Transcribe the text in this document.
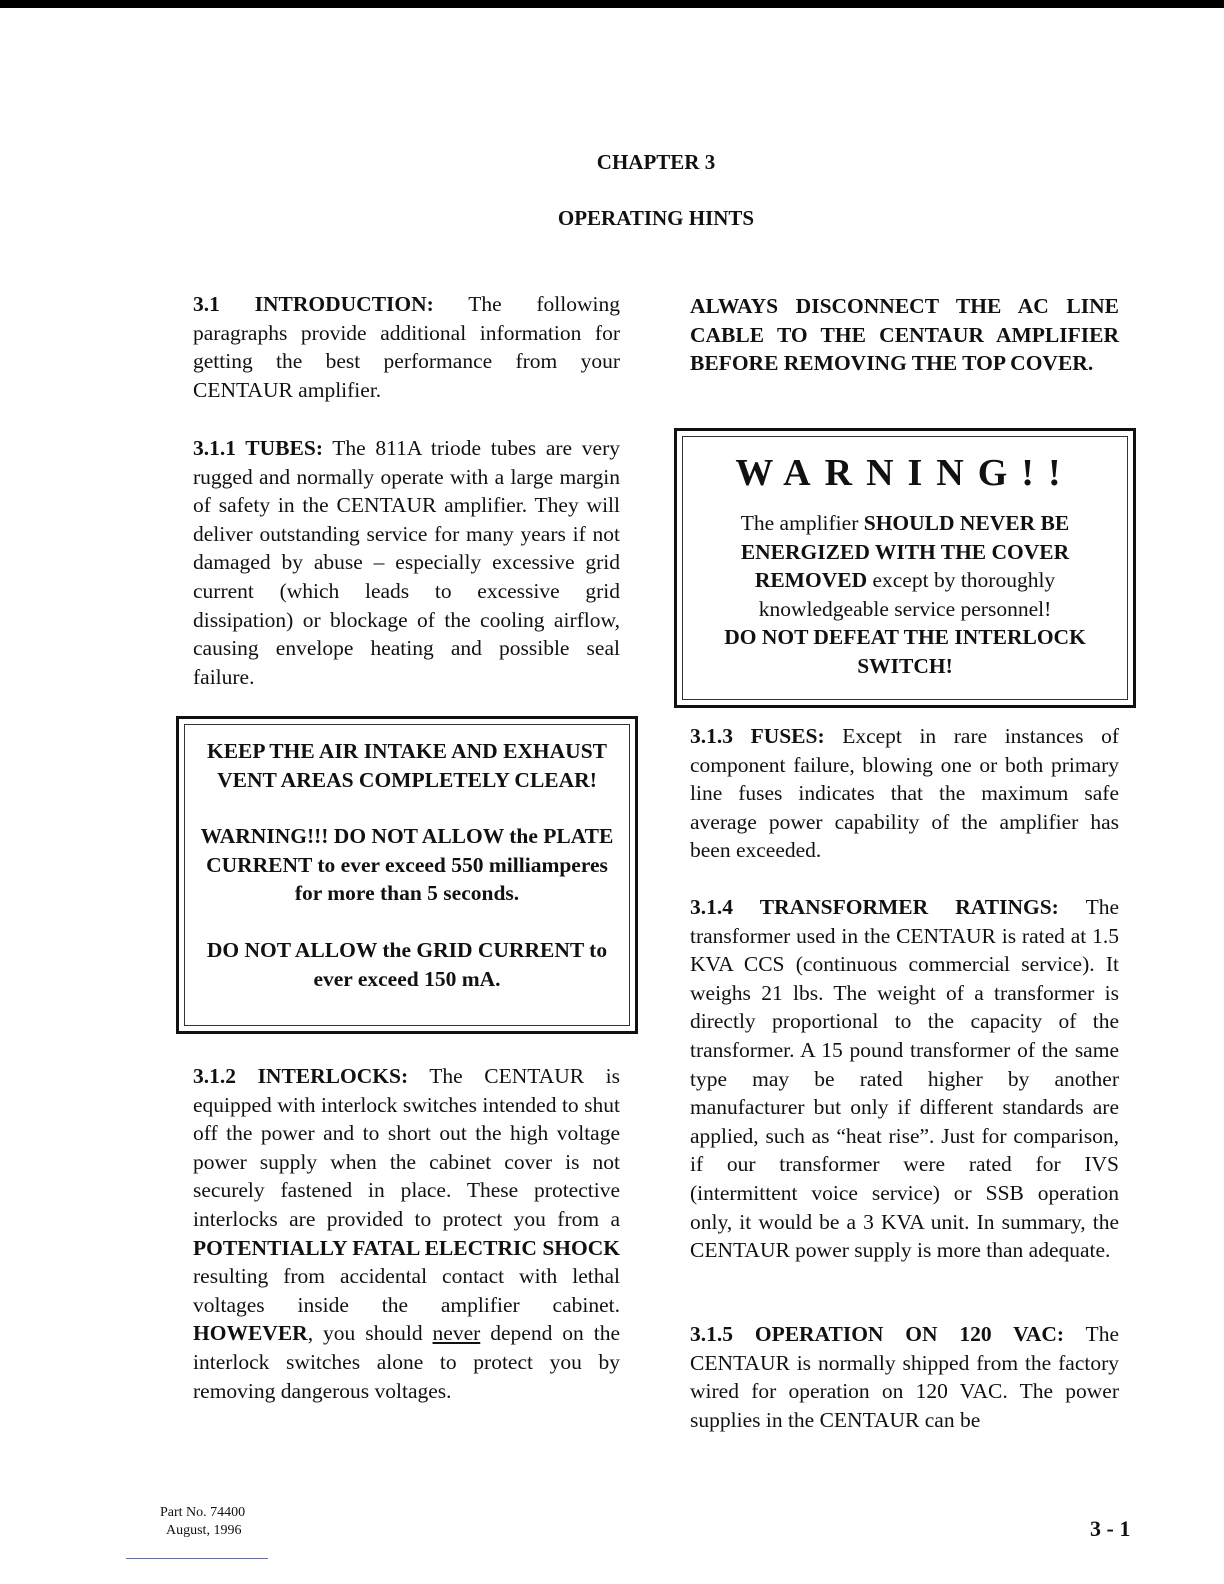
CHAPTER 3
OPERATING HINTS

3.1 INTRODUCTION: The following paragraphs provide additional information for getting the best performance from your CENTAUR amplifier.

3.1.1 TUBES: The 811A triode tubes are very rugged and normally operate with a large margin of safety in the CENTAUR amplifier. They will deliver outstanding service for many years if not damaged by abuse – especially excessive grid current (which leads to excessive grid dissipation) or blockage of the cooling airflow, causing envelope heating and possible seal failure.

3.1.2 INTERLOCKS: The CENTAUR is equipped with interlock switches intended to shut off the power and to short out the high voltage power supply when the cabinet cover is not securely fastened in place. These protective interlocks are provided to protect you from a POTENTIALLY FATAL ELECTRIC SHOCK resulting from accidental contact with lethal voltages inside the amplifier cabinet. HOWEVER, you should never depend on the interlock switches alone to protect you by removing dangerous voltages.

KEEP THE AIR INTAKE AND EXHAUST VENT AREAS COMPLETELY CLEAR!

WARNING!!! DO NOT ALLOW the PLATE CURRENT to ever exceed 550 milliamperes for more than 5 seconds.

DO NOT ALLOW the GRID CURRENT to ever exceed 150 mA.

ALWAYS DISCONNECT THE AC LINE CABLE TO THE CENTAUR AMPLIFIER BEFORE REMOVING THE TOP COVER.

3.1.3 FUSES: Except in rare instances of component failure, blowing one or both primary line fuses indicates that the maximum safe average power capability of the amplifier has been exceeded.

3.1.4 TRANSFORMER RATINGS: The transformer used in the CENTAUR is rated at 1.5 KVA CCS (continuous commercial service). It weighs 21 lbs. The weight of a transformer is directly proportional to the capacity of the transformer. A 15 pound transformer of the same type may be rated higher by another manufacturer but only if different standards are applied, such as “heat rise”. Just for comparison, if our transformer were rated for IVS (intermittent voice service) or SSB operation only, it would be a 3 KVA unit. In summary, the CENTAUR power supply is more than adequate.

3.1.5 OPERATION ON 120 VAC: The CENTAUR is normally shipped from the factory wired for operation on 120 VAC. The power supplies in the CENTAUR can be

WARNING!!
The amplifier SHOULD NEVER BE ENERGIZED WITH THE COVER REMOVED except by thoroughly knowledgeable service personnel!
DO NOT DEFEAT THE INTERLOCK SWITCH!
Part No. 74400
August, 1996	3 - 1
